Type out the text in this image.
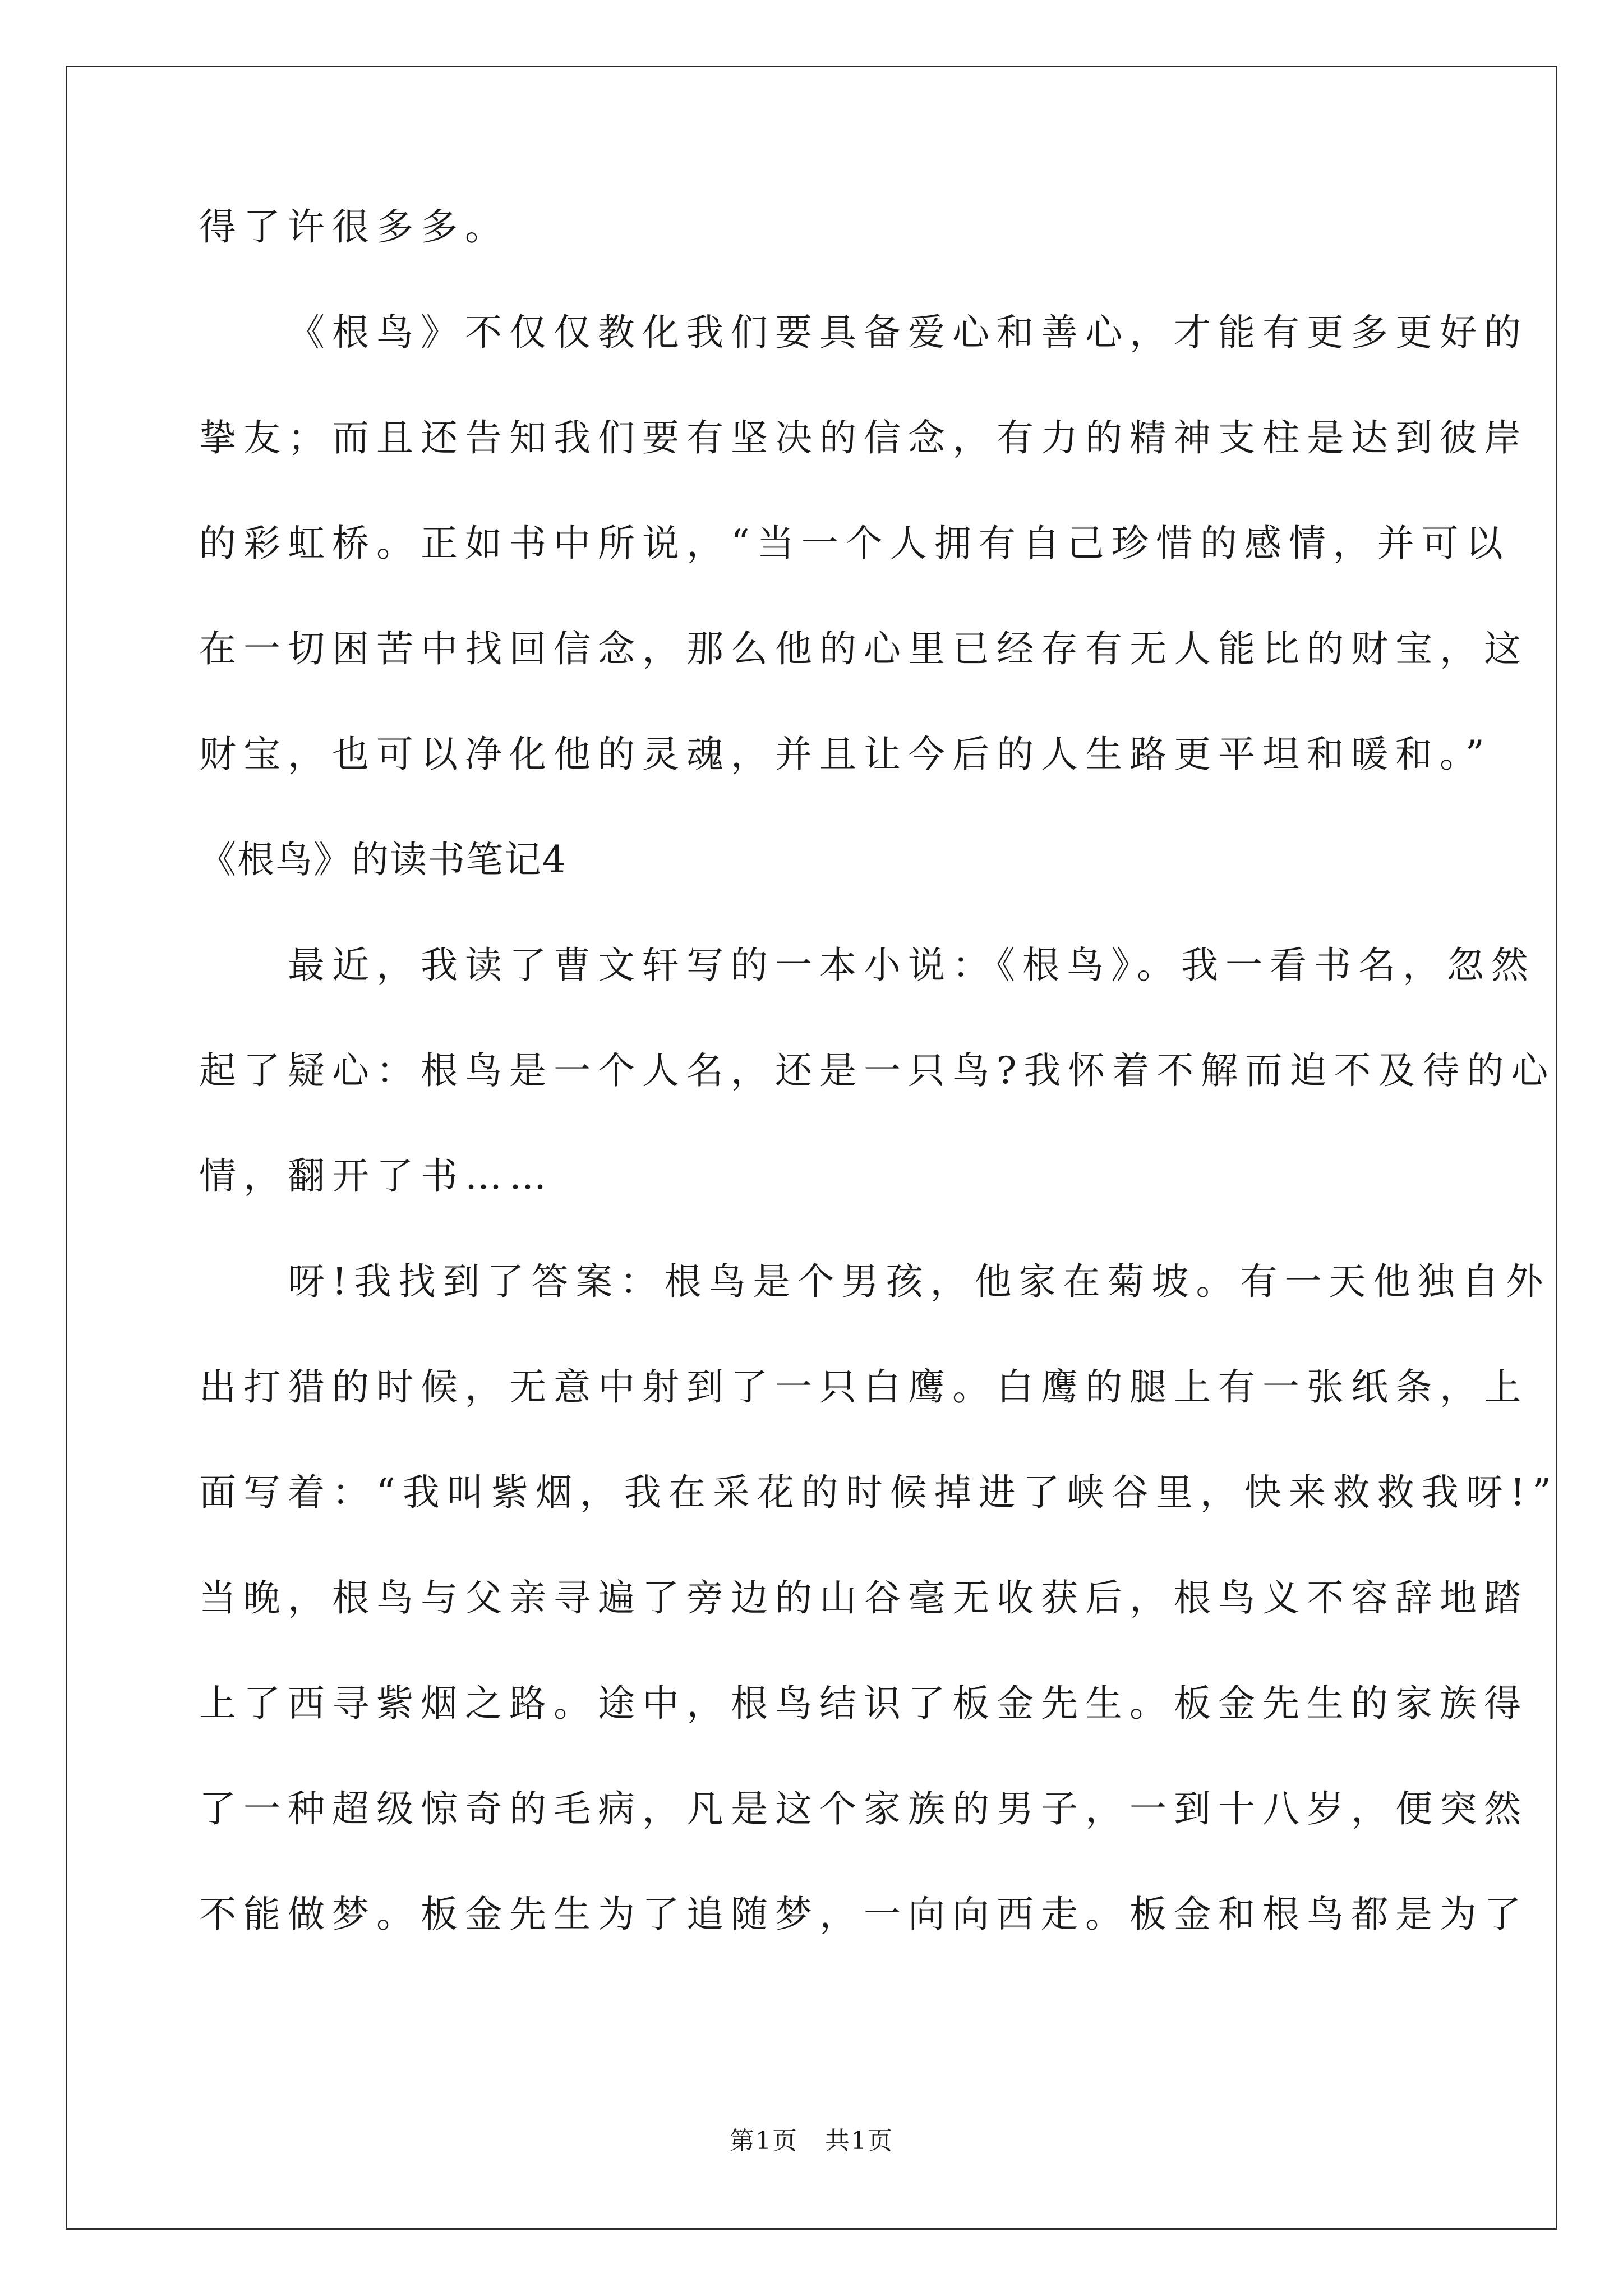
得了许很多多。
《根鸟》不仅仅教化我们要具备爱心和善心，才能有更多更好的
挚友；而且还告知我们要有坚决的信念，有力的精神支柱是达到彼岸
的彩虹桥。正如书中所说，“当一个人拥有自己珍惜的感情，并可以
在一切困苦中找回信念，那么他的心里已经存有无人能比的财宝，这
财宝，也可以净化他的灵魂，并且让今后的人生路更平坦和暖和。”
《根鸟》的读书笔记4
最近，我读了曹文轩写的一本小说：《根鸟》。我一看书名，忽然
起了疑心：根鸟是一个人名，还是一只鸟?我怀着不解而迫不及待的心
情，翻开了书……
呀!我找到了答案：根鸟是个男孩，他家在菊坡。有一天他独自外
出打猎的时候，无意中射到了一只白鹰。白鹰的腿上有一张纸条，上
面写着：“我叫紫烟，我在采花的时候掉进了峡谷里，快来救救我呀!”
当晚，根鸟与父亲寻遍了旁边的山谷毫无收获后，根鸟义不容辞地踏
上了西寻紫烟之路。途中，根鸟结识了板金先生。板金先生的家族得
了一种超级惊奇的毛病，凡是这个家族的男子，一到十八岁，便突然
不能做梦。板金先生为了追随梦，一向向西走。板金和根鸟都是为了
第1页   共1页
